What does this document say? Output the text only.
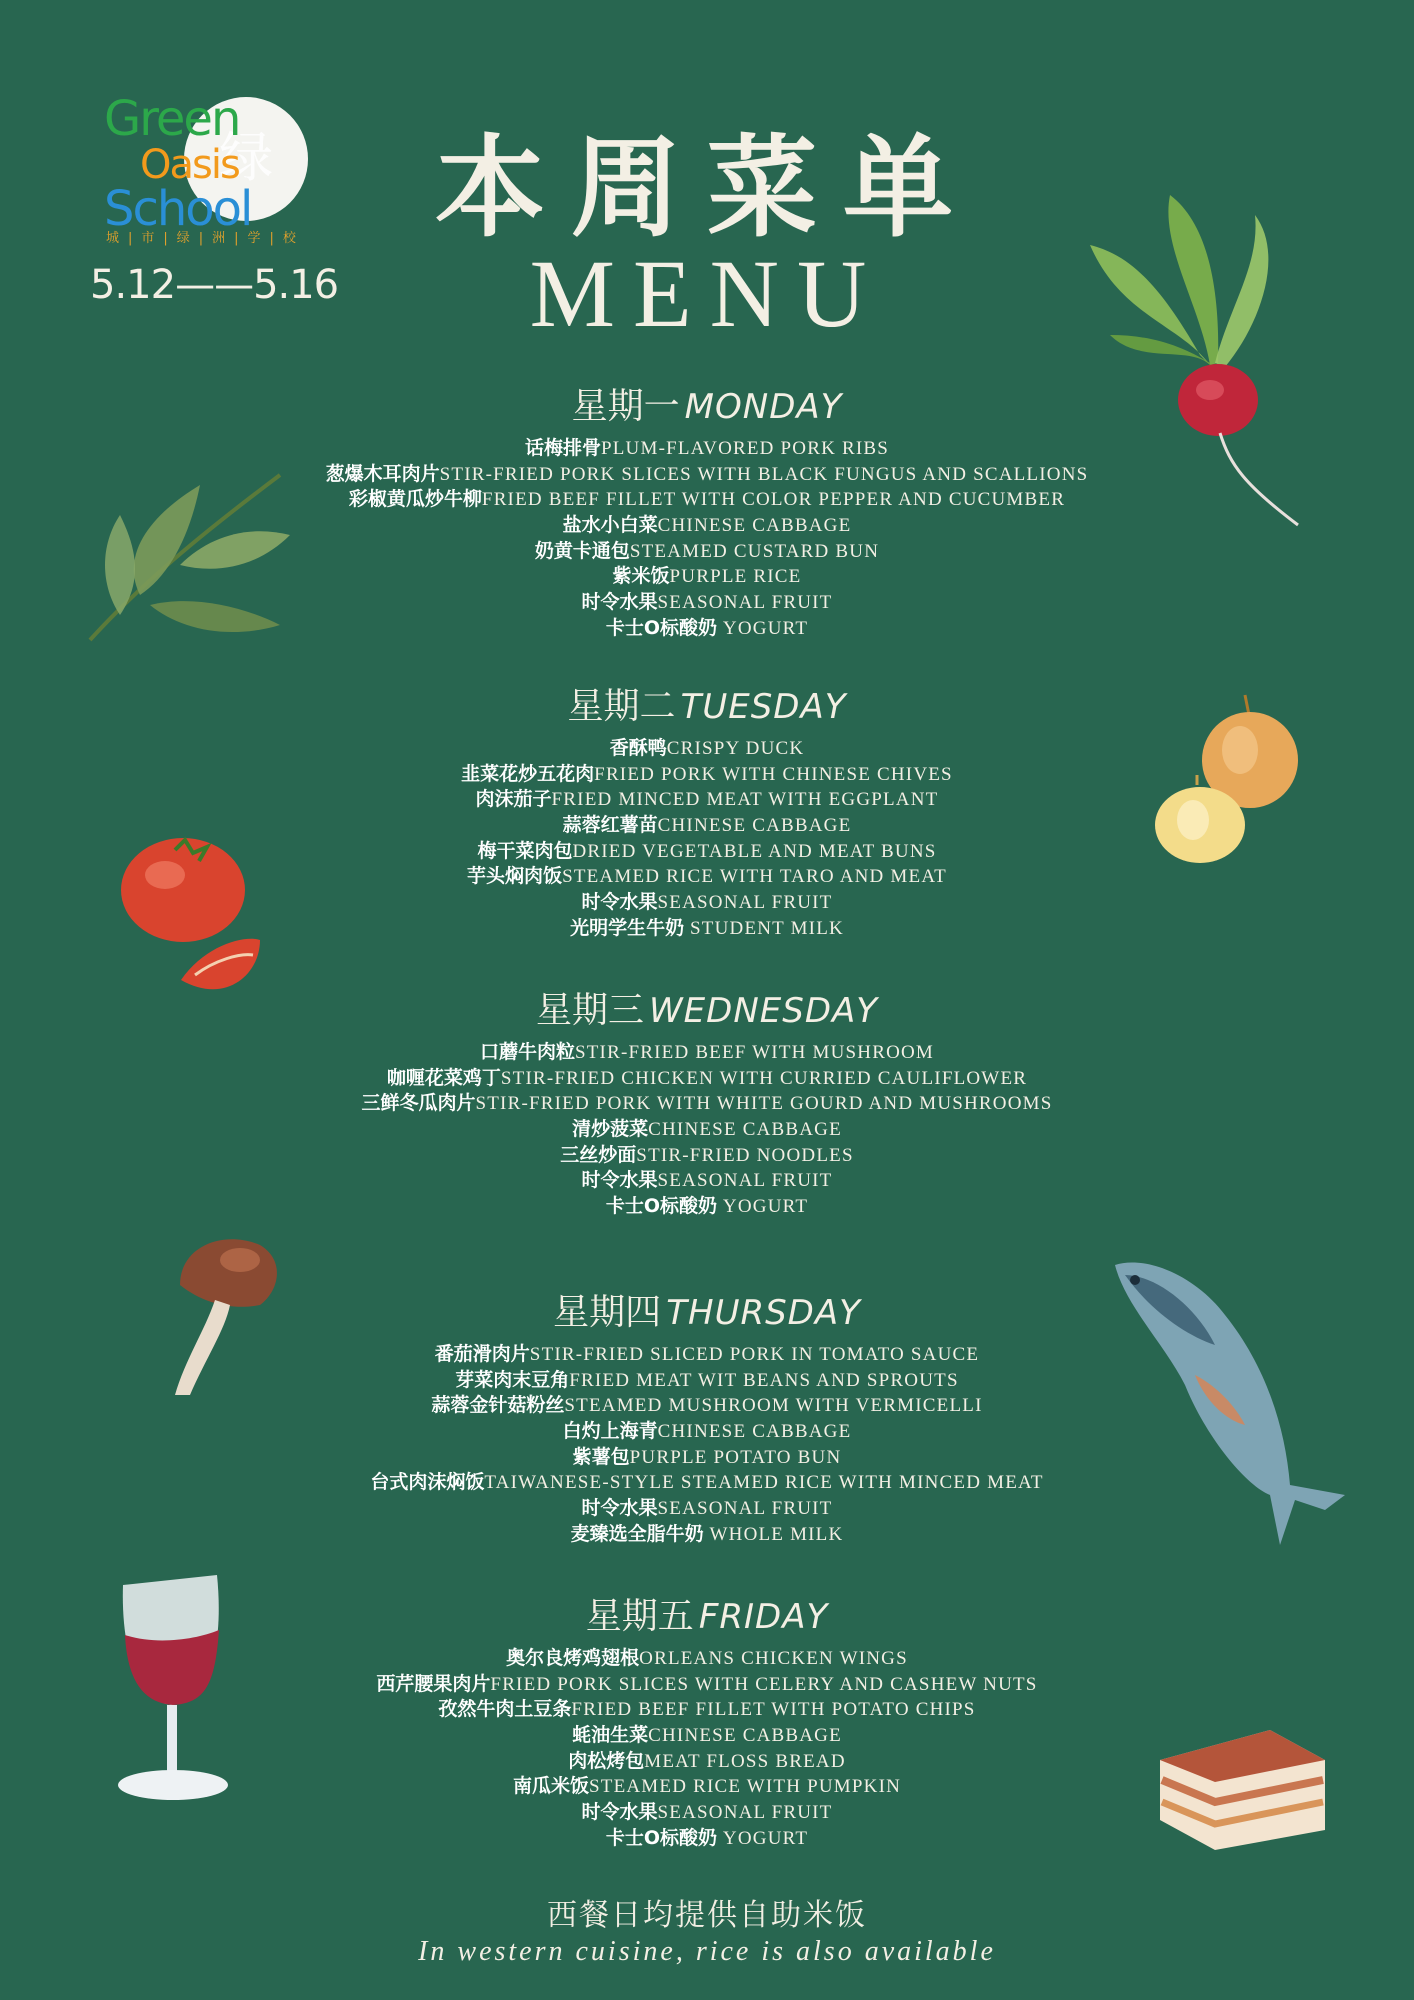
绿
Green
Oasis
School
城|市|绿|洲|学|校
5.12——5.16
本周菜单
MENU
星期一 MONDAY
话梅排骨PLUM-FLAVORED PORK RIBS
葱爆木耳肉片STIR-FRIED PORK SLICES WITH BLACK FUNGUS AND SCALLIONS
彩椒黄瓜炒牛柳FRIED BEEF FILLET WITH COLOR PEPPER AND CUCUMBER
盐水小白菜CHINESE CABBAGE
奶黄卡通包STEAMED CUSTARD BUN
紫米饭PURPLE RICE
时令水果SEASONAL FRUIT
卡士O标酸奶 YOGURT
星期二 TUESDAY
香酥鸭CRISPY DUCK
韭菜花炒五花肉FRIED PORK WITH CHINESE CHIVES
肉沫茄子FRIED MINCED MEAT WITH EGGPLANT
蒜蓉红薯苗CHINESE CABBAGE
梅干菜肉包DRIED VEGETABLE AND MEAT BUNS
芋头焖肉饭STEAMED RICE WITH TARO AND MEAT
时令水果SEASONAL FRUIT
光明学生牛奶 STUDENT MILK
星期三 WEDNESDAY
口蘑牛肉粒STIR-FRIED BEEF WITH MUSHROOM
咖喱花菜鸡丁STIR-FRIED CHICKEN WITH CURRIED CAULIFLOWER
三鲜冬瓜肉片STIR-FRIED PORK WITH WHITE GOURD AND MUSHROOMS
清炒菠菜CHINESE CABBAGE
三丝炒面STIR-FRIED NOODLES
时令水果SEASONAL FRUIT
卡士O标酸奶 YOGURT
星期四 THURSDAY
番茄滑肉片STIR-FRIED SLICED PORK IN TOMATO SAUCE
芽菜肉末豆角FRIED MEAT WIT BEANS AND SPROUTS
蒜蓉金针菇粉丝STEAMED MUSHROOM WITH VERMICELLI
白灼上海青CHINESE CABBAGE
紫薯包PURPLE POTATO BUN
台式肉沫焖饭TAIWANESE-STYLE STEAMED RICE WITH MINCED MEAT
时令水果SEASONAL FRUIT
麦臻选全脂牛奶 WHOLE MILK
星期五 FRIDAY
奥尔良烤鸡翅根ORLEANS CHICKEN WINGS
西芹腰果肉片FRIED PORK SLICES WITH CELERY AND CASHEW NUTS
孜然牛肉土豆条FRIED BEEF FILLET WITH POTATO CHIPS
蚝油生菜CHINESE CABBAGE
肉松烤包MEAT FLOSS BREAD
南瓜米饭STEAMED RICE WITH PUMPKIN
时令水果SEASONAL FRUIT
卡士O标酸奶 YOGURT
西餐日均提供自助米饭
In western cuisine, rice is also available
